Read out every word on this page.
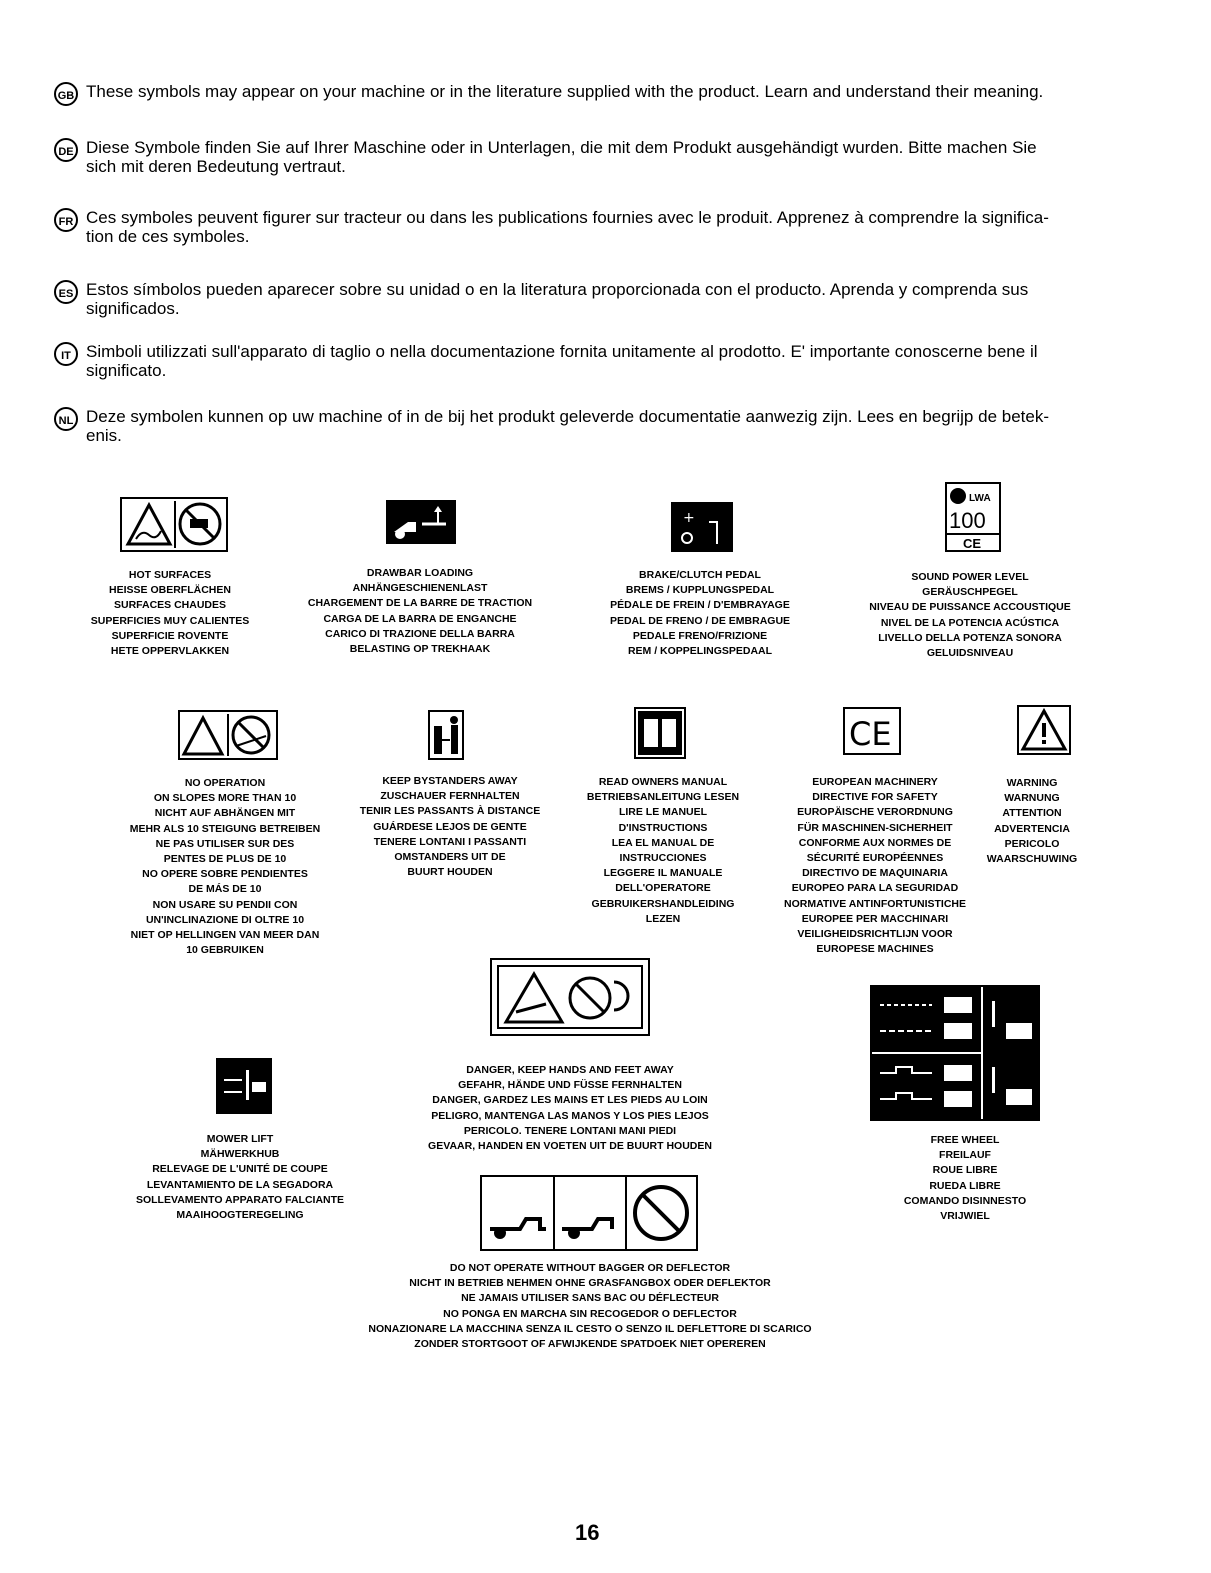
GB These symbols may appear on your machine or in the literature supplied with the product. Learn and understand their meaning.
DE Diese Symbole finden Sie auf Ihrer Maschine oder in Unterlagen, die mit dem Produkt ausgehändigt wurden. Bitte machen Sie
sich mit deren Bedeutung vertraut.
FR Ces symboles peuvent figurer sur tracteur ou dans les publications fournies avec le produit. Apprenez à comprendre la significa-
tion de ces symboles.
ES Estos símbolos pueden aparecer sobre su unidad o en la literatura proporcionada con el producto. Aprenda y comprenda sus
significados.
IT Simboli utilizzati sull'apparato di taglio o nella documentazione fornita unitamente al prodotto. E' importante conoscerne bene il
significato.
NL Deze symbolen kunnen op uw machine of in de bij het produkt geleverde documentatie aanwezig zijn. Lees en begrijp de betek-
enis.
+
LWA
100
CE
CE
HOT SURFACES
HEISSE OBERFLÄCHEN
SURFACES CHAUDES
SUPERFICIES MUY CALIENTES
SUPERFICIE ROVENTE
HETE OPPERVLAKKEN
DRAWBAR LOADING
ANHÄNGESCHIENENLAST
CHARGEMENT DE LA BARRE DE TRACTION
CARGA DE LA BARRA DE ENGANCHE
CARICO DI TRAZIONE DELLA BARRA
BELASTING OP TREKHAAK
BRAKE/CLUTCH PEDAL
BREMS / KUPPLUNGSPEDAL
PÉDALE DE FREIN / D'EMBRAYAGE
PEDAL DE FRENO / DE EMBRAGUE
PEDALE FRENO/FRIZIONE
REM / KOPPELINGSPEDAAL
SOUND POWER LEVEL
GERÄUSCHPEGEL
NIVEAU DE PUISSANCE ACCOUSTIQUE
NIVEL DE LA POTENCIA ACÚSTICA
LIVELLO DELLA POTENZA SONORA
GELUIDSNIVEAU
NO OPERATION
ON SLOPES MORE THAN 10
NICHT AUF ABHÄNGEN MIT
MEHR ALS 10 STEIGUNG BETREIBEN
NE PAS UTILISER SUR DES
PENTES DE PLUS DE 10
NO OPERE SOBRE PENDIENTES
DE MÁS DE 10
NON USARE SU PENDII CON
UN'INCLINAZIONE DI OLTRE 10
NIET OP HELLINGEN VAN MEER DAN
10 GEBRUIKEN
KEEP BYSTANDERS AWAY
ZUSCHAUER FERNHALTEN
TENIR LES PASSANTS À DISTANCE
GUÁRDESE LEJOS DE GENTE
TENERE LONTANI I PASSANTI
OMSTANDERS UIT DE
BUURT HOUDEN
READ OWNERS MANUAL
BETRIEBSANLEITUNG LESEN
LIRE LE MANUEL
D'INSTRUCTIONS
LEA EL MANUAL DE
INSTRUCCIONES
LEGGERE IL MANUALE
DELL'OPERATORE
GEBRUIKERSHANDLEIDING
LEZEN
EUROPEAN MACHINERY
DIRECTIVE FOR SAFETY
EUROPÄISCHE VERORDNUNG
FÜR MASCHINEN-SICHERHEIT
CONFORME AUX NORMES DE
SÉCURITÉ EUROPÉENNES
DIRECTIVO DE MAQUINARIA
EUROPEO PARA LA SEGURIDAD
NORMATIVE ANTINFORTUNISTICHE
EUROPEE PER MACCHINARI
VEILIGHEIDSRICHTLIJN VOOR
EUROPESE MACHINES
WARNING
WARNUNG
ATTENTION
ADVERTENCIA
PERICOLO
WAARSCHUWING
DANGER, KEEP HANDS AND FEET AWAY
GEFAHR, HÄNDE UND FÜSSE FERNHALTEN
DANGER, GARDEZ LES MAINS ET LES PIEDS AU LOIN
PELIGRO, MANTENGA LAS MANOS Y LOS PIES LEJOS
PERICOLO. TENERE LONTANI MANI PIEDI
GEVAAR, HANDEN EN VOETEN UIT DE BUURT HOUDEN
MOWER LIFT
MÄHWERKHUB
RELEVAGE DE L'UNITÉ DE COUPE
LEVANTAMIENTO DE LA SEGADORA
SOLLEVAMENTO APPARATO FALCIANTE
MAAIHOOGTEREGELING
FREE WHEEL
FREILAUF
ROUE LIBRE
RUEDA LIBRE
COMANDO DISINNESTO
VRIJWIEL
DO NOT OPERATE WITHOUT BAGGER OR DEFLECTOR
NICHT IN BETRIEB NEHMEN OHNE GRASFANGBOX ODER DEFLEKTOR
NE JAMAIS UTILISER SANS BAC OU DÉFLECTEUR
NO PONGA EN MARCHA SIN RECOGEDOR O DEFLECTOR
NONAZIONARE LA MACCHINA SENZA IL CESTO O SENZO IL DEFLETTORE DI SCARICO
ZONDER STORTGOOT OF AFWIJKENDE SPATDOEK NIET OPEREREN
16
